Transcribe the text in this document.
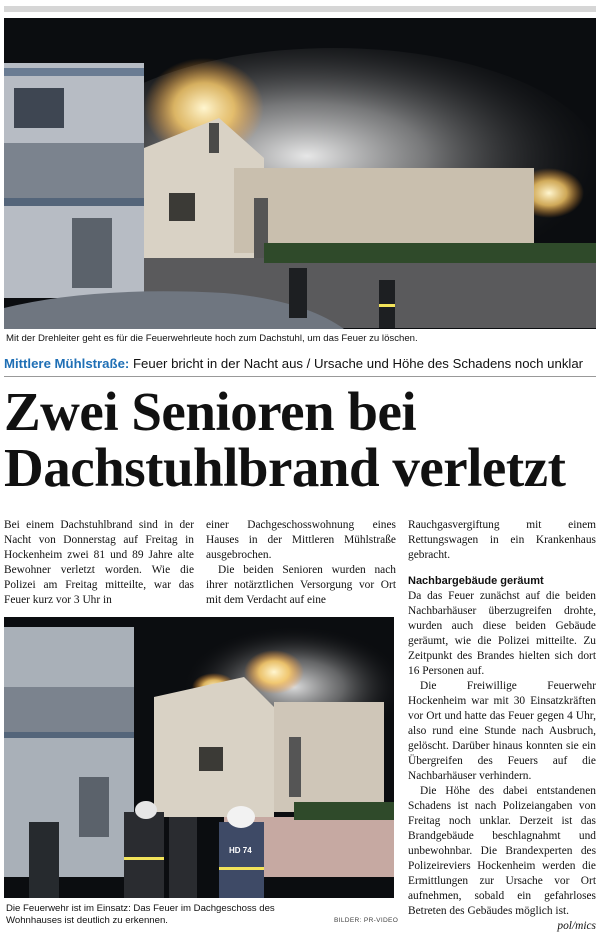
Mit der Drehleiter geht es für die Feuerwehrleute hoch zum Dachstuhl, um das Feuer zu löschen.
Mittlere Mühlstraße: Feuer bricht in der Nacht aus / Ursache und Höhe des Schadens noch unklar
Zwei Senioren bei
Dachstuhlbrand verletzt

Bei einem Dachstuhlbrand sind in der Nacht von Donnerstag auf Freitag in Hockenheim zwei 81 und 89 Jahre alte Bewohner verletzt worden. Wie die Polizei am Freitag mitteilte, war das Feuer kurz vor 3 Uhr in

einer Dachgeschosswohnung eines Hauses in der Mittleren Mühlstraße ausgebrochen.

Die beiden Senioren wurden nach ihrer notärztlichen Versorgung vor Ort mit dem Verdacht auf eine

Rauchgasvergiftung mit einem Rettungswagen in ein Krankenhaus gebracht.

Nachbargebäude geräumt

Da das Feuer zunächst auf die beiden Nachbarhäuser überzugreifen drohte, wurden auch diese beiden Gebäude geräumt, wie die Polizei mitteilte. Zu Zeitpunkt des Brandes hielten sich dort 16 Personen auf.

Die Freiwillige Feuerwehr Hockenheim war mit 30 Einsatzkräften vor Ort und hatte das Feuer gegen 4 Uhr, also rund eine Stunde nach Ausbruch, gelöscht. Darüber hinaus konnten sie ein Übergreifen des Feuers auf die Nachbarhäuser verhindern.

Die Höhe des dabei entstandenen Schadens ist nach Polizeiangaben von Freitag noch unklar. Derzeit ist das Brandgebäude beschlagnahmt und unbewohnbar. Die Brandexperten des Polizeireviers Hockenheim werden die Ermittlungen zur Ursache vor Ort aufnehmen, sobald ein gefahrloses Betreten des Gebäudes möglich ist.
pol/mics

HD 74
Die Feuerwehr ist im Einsatz: Das Feuer im Dachgeschoss des Wohnhauses ist deutlich zu erkennen.	BILDER: PR-VIDEO
